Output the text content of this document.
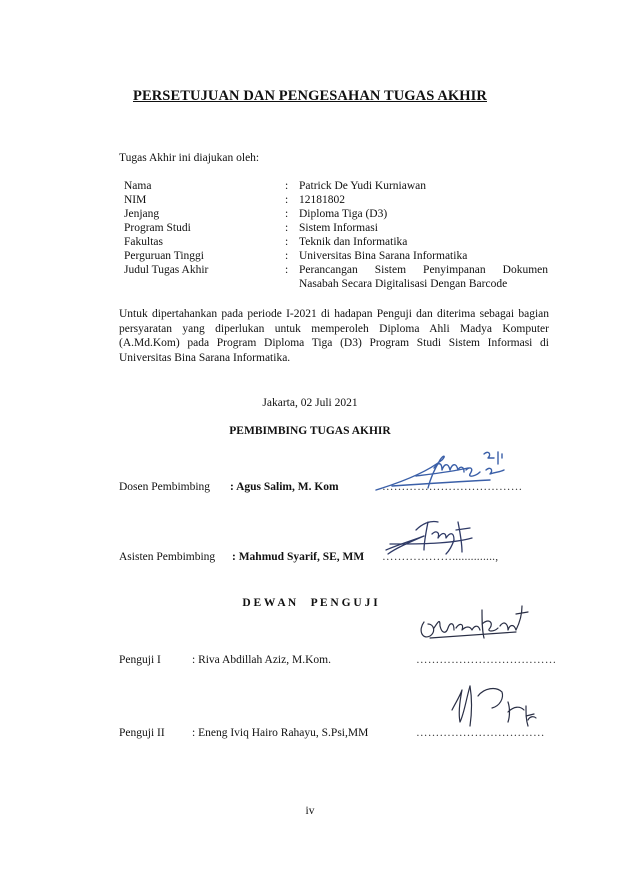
PERSETUJUAN DAN PENGESAHAN TUGAS AKHIR
Tugas Akhir ini diajukan oleh:
Nama	: Patrick De Yudi Kurniawan
NIM	: 12181802
Jenjang	: Diploma Tiga (D3)
Program Studi	: Sistem Informasi
Fakultas	: Teknik dan Informatika
Perguruan Tinggi	: Universitas Bina Sarana Informatika
Judul Tugas Akhir	: Perancangan Sistem Penyimpanan Dokumen
Nasabah Secara Digitalisasi Dengan Barcode
Untuk dipertahankan pada periode I-2021 di hadapan Penguji dan diterima sebagai bagian persyaratan yang diperlukan untuk memperoleh Diploma Ahli Madya Komputer (A.Md.Kom) pada Program Diploma Tiga (D3) Program Studi Sistem Informasi di Universitas Bina Sarana Informatika.
Jakarta, 02 Juli 2021
PEMBIMBING TUGAS AKHIR
Dosen Pembimbing : Agus Salim, M. Kom	………………………………
Asisten Pembimbing : Mahmud Syarif, SE, MM ………………..............,
D E W A N     P E N G U J I
Penguji I	: Riva Abdillah Aziz, M.Kom.	………………………………
Penguji II : Eneng Iviq Hairo Rahayu, S.Psi,MM	……………………………
iv
